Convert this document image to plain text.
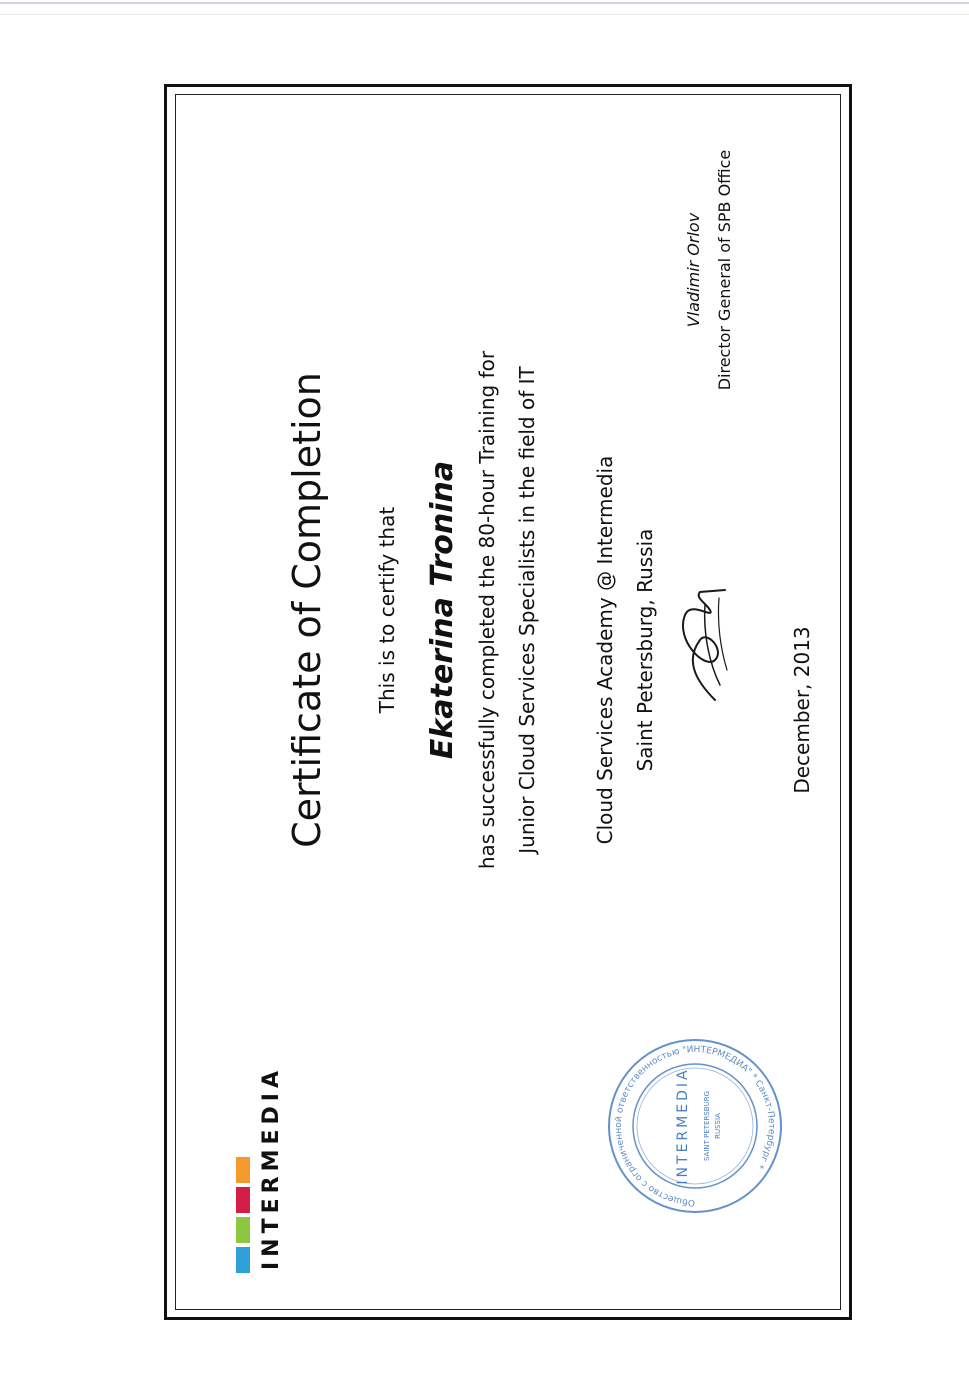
INTERMEDIA
Certificate of Completion This is to certify that Ekaterina Tronina has successfully completed the 80-hour Training for Junior Cloud Services Specialists in the field of IT	Cloud Services Academy @ Intermedia Saint Petersburg, Russia	December, 2013
Vladimir Orlov Director General of SPB Office
Общество с ограниченной ответственностью "ИНТЕРМЕДИА" * Санкт-Петербург *
INTERMEDIA SAINT PETERSBURG RUSSIA
